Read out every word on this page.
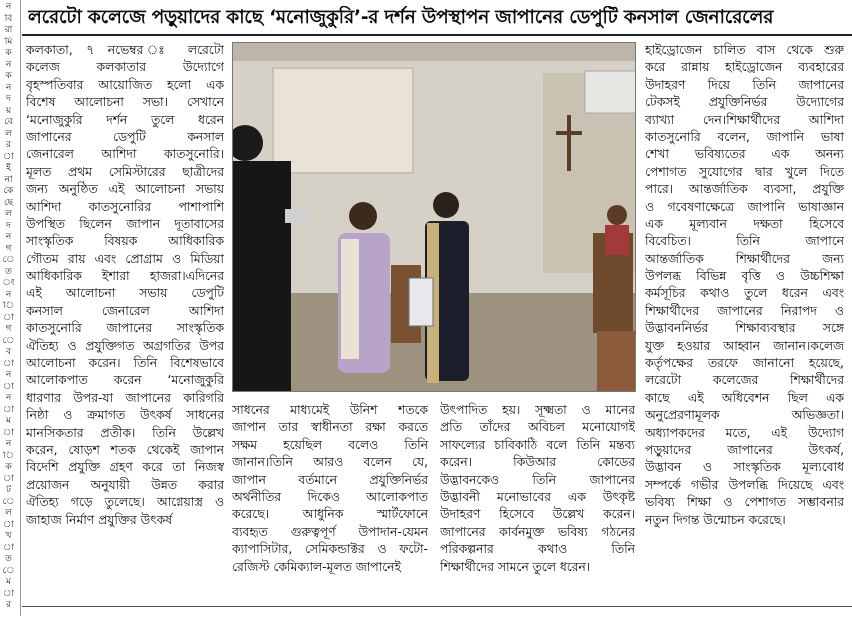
ন
বি
রা
মি
ক
ন
ক
ন
দ
য়
বে
ল
র
া
ই
না
কে
ছে
ল
দ
ন
গ
ে
ত
ং
ন
ি
া
গ
ে
ব
া
ন
া
ন
া
ম
া
ন
ি
ক
া
ট
ে
ল
া
খ
া
ত
ে
ম
া
র
লরেটো কলেজে পড়ুয়াদের কাছে ‘মনোজুকুরি’-র দর্শন উপস্থাপন জাপানের ডেপুটি কনসাল জেনারেলের
কলকাতা, ৭ নভেম্বর ঃ লরেটো
কলেজ কলকাতার উদ্যোগে
বৃহস্পতিবার আয়োজিত হলো এক
বিশেষ আলোচনা সভা। সেখানে
‘মনোজুকুরি দর্শন তুলে ধরেন
জাপানের ডেপুটি কনসাল
জেনারেল আশিদা কাতসুনোরি।
মূলত প্রথম সেমিস্টারের ছাত্রীদের
জন্য অনুষ্ঠিত এই আলোচনা সভায়
আশিদা কাতসুনোরির পাশাপাশি
উপস্থিত ছিলেন জাপান দূতাবাসের
সাংস্কৃতিক বিষয়ক আধিকারিক
গৌতম রায় এবং প্রোগ্রাম ও মিডিয়া
আধিকারিক ইশারা হাজরা।এদিনের
এই আলোচনা সভায় ডেপুটি
কনসাল জেনারেল আশিদা
কাতসুনোরি জাপানের সাংস্কৃতিক
ঐতিহ্য ও প্রযুক্তিগত অগ্রগতির উপর
আলোচনা করেন। তিনি বিশেষভাবে
আলোকপাত করেন ‘মনোজুকুরি
ধারণার উপর-যা জাপানের কারিগরি
নিষ্ঠা ও ক্রমাগত উৎকর্ষ সাধনের
মানসিকতার প্রতীক। তিনি উল্লেখ
করেন, ষোড়শ শতক থেকেই জাপান
বিদেশি প্রযুক্তি গ্রহণ করে তা নিজস্ব
প্রয়োজন অনুযায়ী উন্নত করার
ঐতিহ্য গড়ে তুলেছে। আগ্নেয়াস্ত্র ও
জাহাজ নির্মাণ প্রযুক্তির উৎকর্ষ
সাধনের মাধ্যমেই উনিশ শতকে
জাপান তার স্বাধীনতা রক্ষা করতে
সক্ষম হয়েছিল বলেও তিনি
জানান।তিনি আরও বলেন যে,
জাপান বর্তমানে প্রযুক্তিনির্ভর
অর্থনীতির দিকেও আলোকপাত
করেছে। আধুনিক স্মার্টফোনে
ব্যবহৃত গুরুত্বপূর্ণ উপাদান-যেমন
ক্যাপাসিটার, সেমিকন্ডাক্টর ও ফটো-
রেজিস্ট কেমিক্যাল-মূলত জাপানেই
উৎপাদিত হয়। সূক্ষ্মতা ও মানের
প্রতি তাঁদের অবিচল মনোযোগই
সাফল্যের চাবিকাঠি বলে তিনি মন্তব্য
করেন। কিউআর কোডের
উদ্ভাবনকেও তিনি জাপানের
উদ্ভাবনী মনোভাবের এক উৎকৃষ্ট
উদাহরণ হিসেবে উল্লেখ করেন।
জাপানের কার্বনমুক্ত ভবিষ্য গঠনের
পরিকল্পনার কথাও তিনি
শিক্ষার্থীদের সামনে তুলে ধরেন।
হাইড্রোজেন চালিত বাস থেকে শুরু
করে রান্নায় হাইড্রোজেন ব্যবহারের
উদাহরণ দিয়ে তিনি জাপানের
টেকসই প্রযুক্তিনির্ভর উদ্যোগের
ব্যাখ্যা দেন।শিক্ষার্থীদের আশিদা
কাতসুনোরি বলেন, জাপানি ভাষা
শেখা ভবিষ্যতের এক অনন্য
পেশাগত সুযোগের দ্বার খুলে দিতে
পারে। আন্তর্জাতিক ব্যবসা, প্রযুক্তি
ও গবেষণাক্ষেত্রে জাপানি ভাষাজ্ঞান
এক মূল্যবান দক্ষতা হিসেবে
বিবেচিত। তিনি জাপানে
আন্তর্জাতিক শিক্ষার্থীদের জন্য
উপলব্ধ বিভিন্ন বৃত্তি ও উচ্চশিক্ষা
কর্মসূচির কথাও তুলে ধরেন এবং
শিক্ষার্থীদের জাপানের নিরাপদ ও
উদ্ভাবননির্ভর শিক্ষাব্যবস্থার সঙ্গে
যুক্ত হওয়ার আহ্বান জানান।কলেজ
কর্তৃপক্ষের তরফে জানানো হয়েছে,
লরেটো কলেজের শিক্ষার্থীদের
কাছে এই অধিবেশন ছিল এক
অনুপ্রেরণামূলক অভিজ্ঞতা।
অধ্যাপকদের মতে, এই উদ্যোগ
পড়ুয়াদের জাপানের উৎকর্ষ,
উদ্ভাবন ও সাংস্কৃতিক মূল্যবোধ
সম্পর্কে গভীর উপলব্ধি দিয়েছে এবং
ভবিষ্য শিক্ষা ও পেশাগত সম্ভাবনার
নতুন দিগন্ত উন্মোচন করেছে।
